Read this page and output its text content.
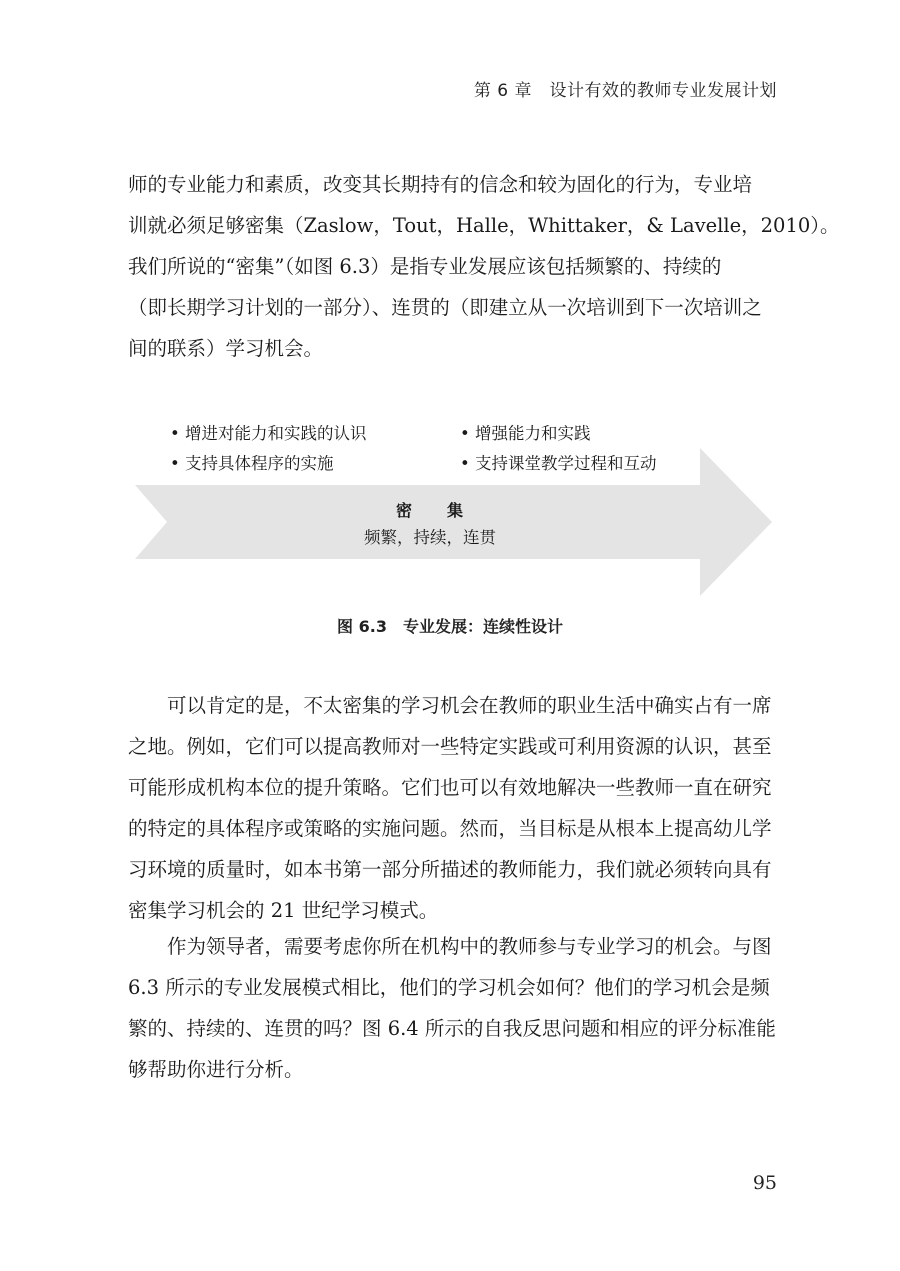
第 6 章　设计有效的教师专业发展计划
师的专业能力和素质，改变其长期持有的信念和较为固化的行为，专业培
训就必须足够密集（Zaslow，Tout，Halle，Whittaker，& Lavelle，2010）。
我们所说的“密集”（如图 6.3）是指专业发展应该包括频繁的、持续的
（即长期学习计划的一部分）、连贯的（即建立从一次培训到下一次培训之
间的联系）学习机会。
• 增进对能力和实践的认识
• 支持具体程序的实施
• 增强能力和实践
• 支持课堂教学过程和互动
密　　集
频繁，持续，连贯
图 6.3　专业发展：连续性设计
可以肯定的是，不太密集的学习机会在教师的职业生活中确实占有一席
之地。例如，它们可以提高教师对一些特定实践或可利用资源的认识，甚至
可能形成机构本位的提升策略。它们也可以有效地解决一些教师一直在研究
的特定的具体程序或策略的实施问题。然而，当目标是从根本上提高幼儿学
习环境的质量时，如本书第一部分所描述的教师能力，我们就必须转向具有
密集学习机会的 21 世纪学习模式。
作为领导者，需要考虑你所在机构中的教师参与专业学习的机会。与图
6.3 所示的专业发展模式相比，他们的学习机会如何？他们的学习机会是频
繁的、持续的、连贯的吗？图 6.4 所示的自我反思问题和相应的评分标准能
够帮助你进行分析。
95
